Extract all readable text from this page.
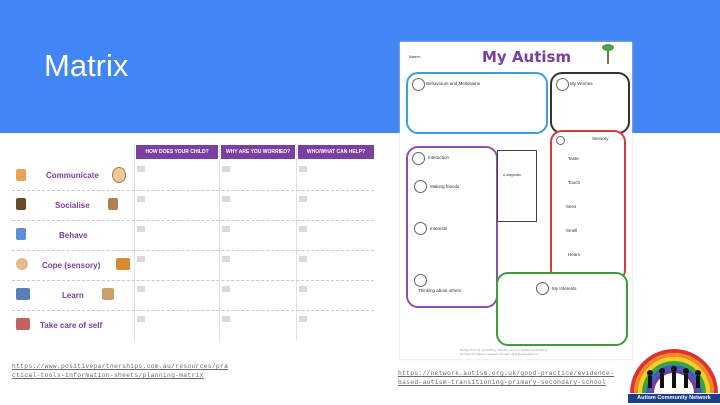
Matrix
HOW DOES YOUR CHILD?	WHY ARE YOU WORRIED?	WHO/WHAT CAN HELP?
Communicate
Socialise
Behave
Cope (sensory)
Learn
Take care of self
https://www.positivepartnerships.com.au/resources/pra
ctical-tools-information-sheets/planning-matrix
Name:	My Autism
Behaviours and Meltdowns	My Worries
Interaction
Making friends
Interests
Thinking about others
A diagnosis
Sensory
Taste
Touch
Sees
Smell
Hears
My Interests
Design Prof. Dr. at Nothing. (Source: Asc Ltd. Outline 12.04.2013)
(c) 2013 All Rights reserved | Contact: @@@examplecom/
https://network.autism.org.uk/good-practice/evidence-
based-autism-transitioning-primary-secondary-school
Autism Community Network
